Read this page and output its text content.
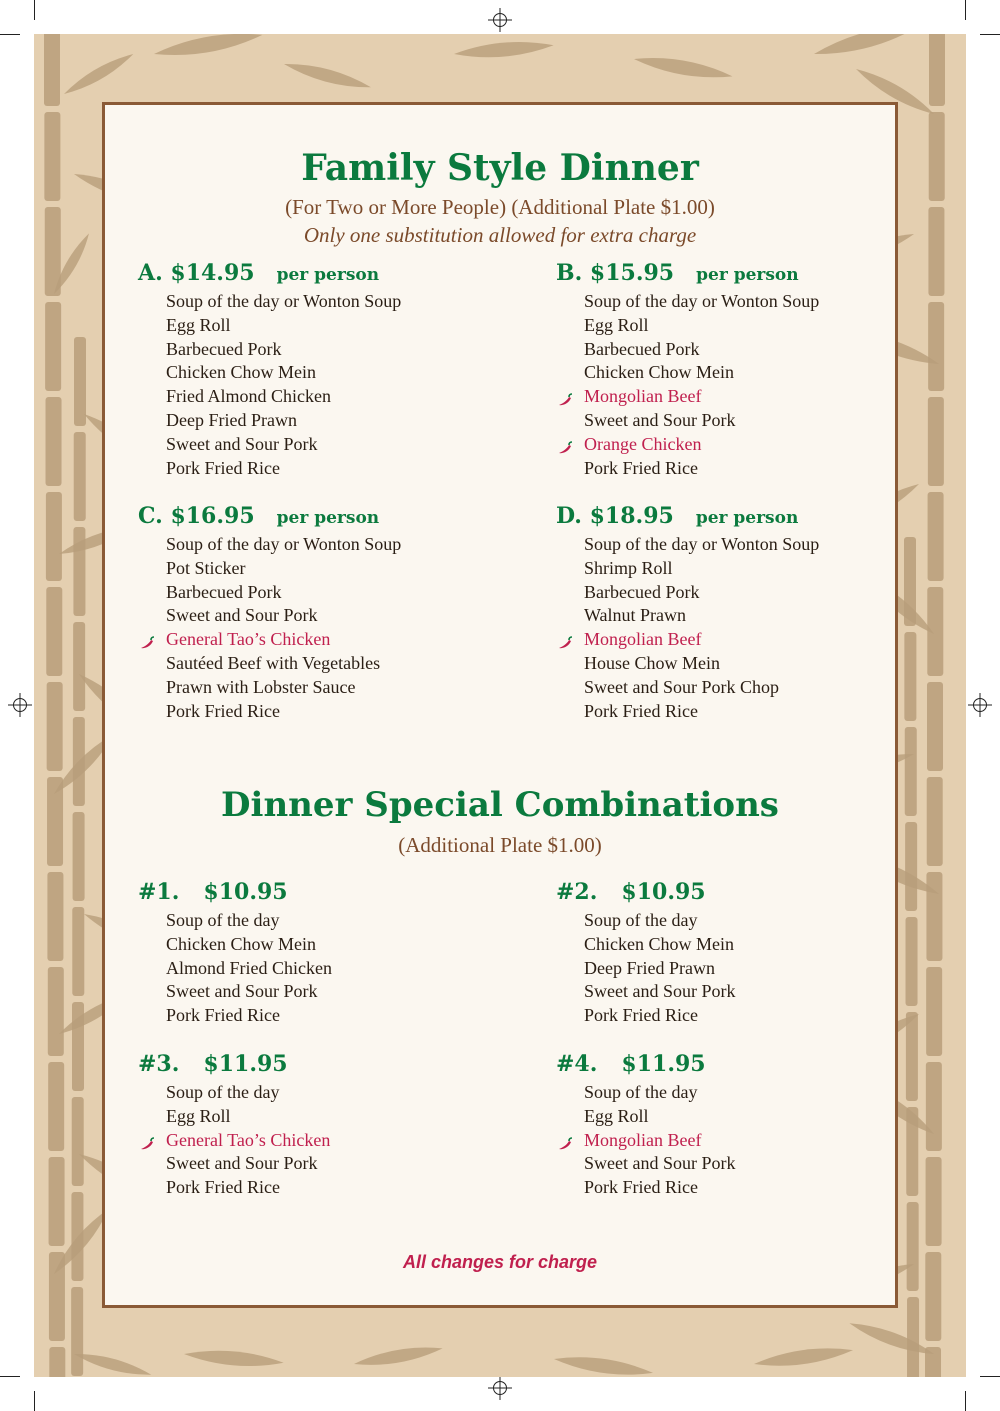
Family Style Dinner
(For Two or More People) (Additional Plate $1.00)
Only one substitution allowed for extra charge
A. $14.95 per person
Soup of the day or Wonton Soup
Egg Roll
Barbecued Pork
Chicken Chow Mein
Fried Almond Chicken
Deep Fried Prawn
Sweet and Sour Pork
Pork Fried Rice
B. $15.95 per person
Soup of the day or Wonton Soup
Egg Roll
Barbecued Pork
Chicken Chow Mein
Mongolian Beef
Sweet and Sour Pork
Orange Chicken
Pork Fried Rice
C. $16.95 per person
Soup of the day or Wonton Soup
Pot Sticker
Barbecued Pork
Sweet and Sour Pork
General Tao’s Chicken
Sautéed Beef with Vegetables
Prawn with Lobster Sauce
Pork Fried Rice
D. $18.95 per person
Soup of the day or Wonton Soup
Shrimp Roll
Barbecued Pork
Walnut Prawn
Mongolian Beef
House Chow Mein
Sweet and Sour Pork Chop
Pork Fried Rice
Dinner Special Combinations
(Additional Plate $1.00)
#1. $10.95
Soup of the day
Chicken Chow Mein
Almond Fried Chicken
Sweet and Sour Pork
Pork Fried Rice
#2. $10.95
Soup of the day
Chicken Chow Mein
Deep Fried Prawn
Sweet and Sour Pork
Pork Fried Rice
#3. $11.95
Soup of the day
Egg Roll
General Tao’s Chicken
Sweet and Sour Pork
Pork Fried Rice
#4. $11.95
Soup of the day
Egg Roll
Mongolian Beef
Sweet and Sour Pork
Pork Fried Rice
All changes for charge
